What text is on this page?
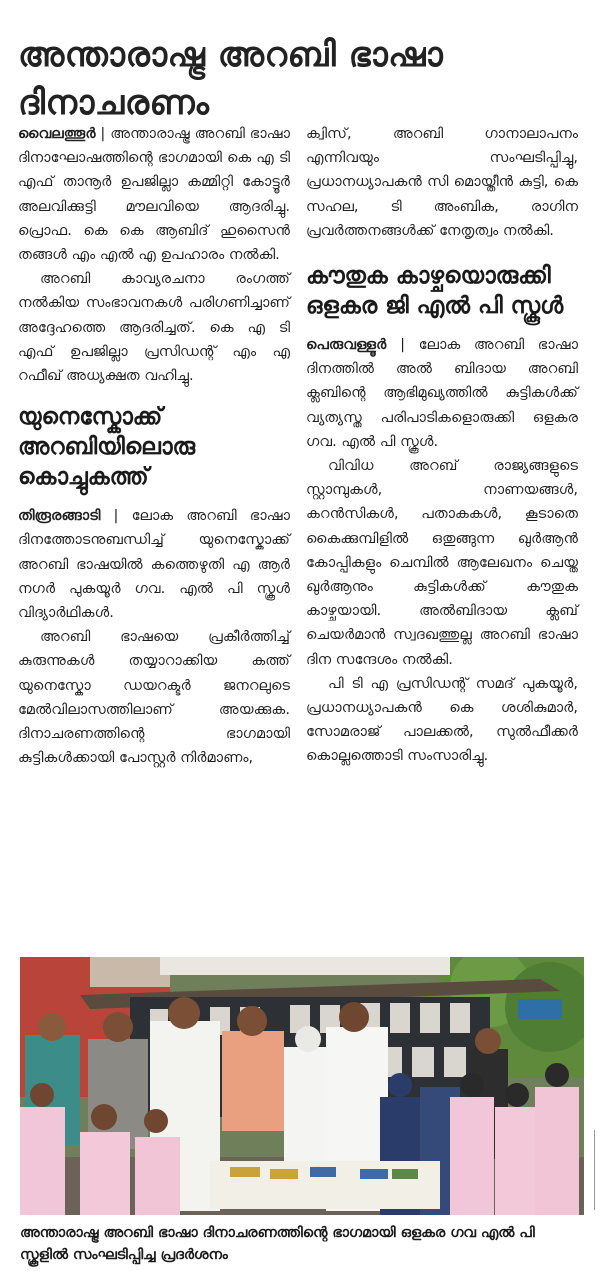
അന്താരാഷ്ട്ര അറബി ഭാഷാ ദിനാചരണം

വൈലത്തൂർ | അന്താരാഷ്ട്ര അറബി ഭാഷാ ദിനാഘോഷത്തിന്റെ ഭാഗമായി കെ എ ടി എഫ് താനൂർ ഉപജില്ലാ കമ്മിറ്റി കോട്ടൂർ അലവിക്കുട്ടി മൗലവിയെ ആദരിച്ചു. പ്രൊഫ. കെ കെ ആബിദ് ഹുസൈൻ തങ്ങൾ എം എൽ എ ഉപഹാരം നൽകി.

അറബി കാവ്യരചനാ രംഗത്ത് നൽകിയ സംഭാവനകൾ പരിഗണിച്ചാണ് അദ്ദേഹത്തെ ആദരിച്ചത്. കെ എ ടി എഫ് ഉപജില്ലാ പ്രസിഡന്റ് എം എ റഫീഖ് അധ്യക്ഷത വഹിച്ചു.

യുനെസ്കോക്ക് അറബിയിലൊരു കൊച്ചുകത്ത്

തിരൂരങ്ങാടി | ലോക അറബി ഭാഷാ ദിനത്തോടനുബന്ധിച്ച് യുനെസ്കോക്ക് അറബി ഭാഷയിൽ കത്തെഴുതി എ ആർ നഗർ പുകയൂർ ഗവ. എൽ പി സ്കൂൾ വിദ്യാർഥികൾ.

അറബി ഭാഷയെ പ്രകീർത്തിച്ച് കുരുന്നുകൾ തയ്യാറാക്കിയ കത്ത് യുനെസ്കോ ഡയറക്ടർ ജനറലുടെ മേൽവിലാസത്തിലാണ് അയക്കുക. ദിനാചരണത്തിന്റെ ഭാഗമായി കുട്ടികൾക്കായി പോസ്റ്റർ നിർമാണം,

ക്വിസ്, അറബി ഗാനാലാപനം എന്നിവയും സംഘടിപ്പിച്ചു, പ്രധാനധ്യാപകൻ സി മൊയ്തീൻ കുട്ടി, കെ സഹല, ടി അംബിക, രാഗിന പ്രവർത്തനങ്ങൾക്ക് നേതൃത്വം നൽകി.

കൗതുക കാഴ്ചയൊരുക്കി ഒളകര ജി എൽ പി സ്കൂൾ

പെരുവള്ളൂർ | ലോക അറബി ഭാഷാ ദിനത്തിൽ അൽ ബിദായ അറബി ക്ലബിന്റെ ആഭിമുഖ്യത്തിൽ കുട്ടികൾക്ക് വ്യത്യസ്ത പരിപാടികളൊരുക്കി ഒളകര ഗവ. എൽ പി സ്കൂൾ.

വിവിധ അറബ് രാജ്യങ്ങളുടെ സ്റ്റാമ്പുകൾ, നാണയങ്ങൾ, കറൻസികൾ, പതാകകൾ, കൂടാതെ കൈക്കുമ്പിളിൽ ഒതുങ്ങുന്ന ഖുർആൻ കോപ്പികളും ചെമ്പിൽ ആലേഖനം ചെയ്ത ഖുർആനും കുട്ടികൾക്ക് കൗതുക കാഴ്ചയായി. അൽബിദായ ക്ലബ് ചെയർമാൻ സ്വദഖത്തുല്ല അറബി ഭാഷാ ദിന സന്ദേശം നൽകി.

പി ടി എ പ്രസിഡന്റ് സമദ് പുകയൂർ, പ്രധാനധ്യാപകൻ കെ ശശികുമാർ, സോമരാജ് പാലക്കൽ, സുൽഫീക്കർ കൊല്ലത്തൊടി സംസാരിച്ചു.

അന്താരാഷ്ട്ര അറബി ഭാഷാ ദിനാചരണത്തിന്റെ ഭാഗമായി ഒളകര ഗവ എൽ പി സ്കൂളിൽ സംഘടിപ്പിച്ച പ്രദർശനം
